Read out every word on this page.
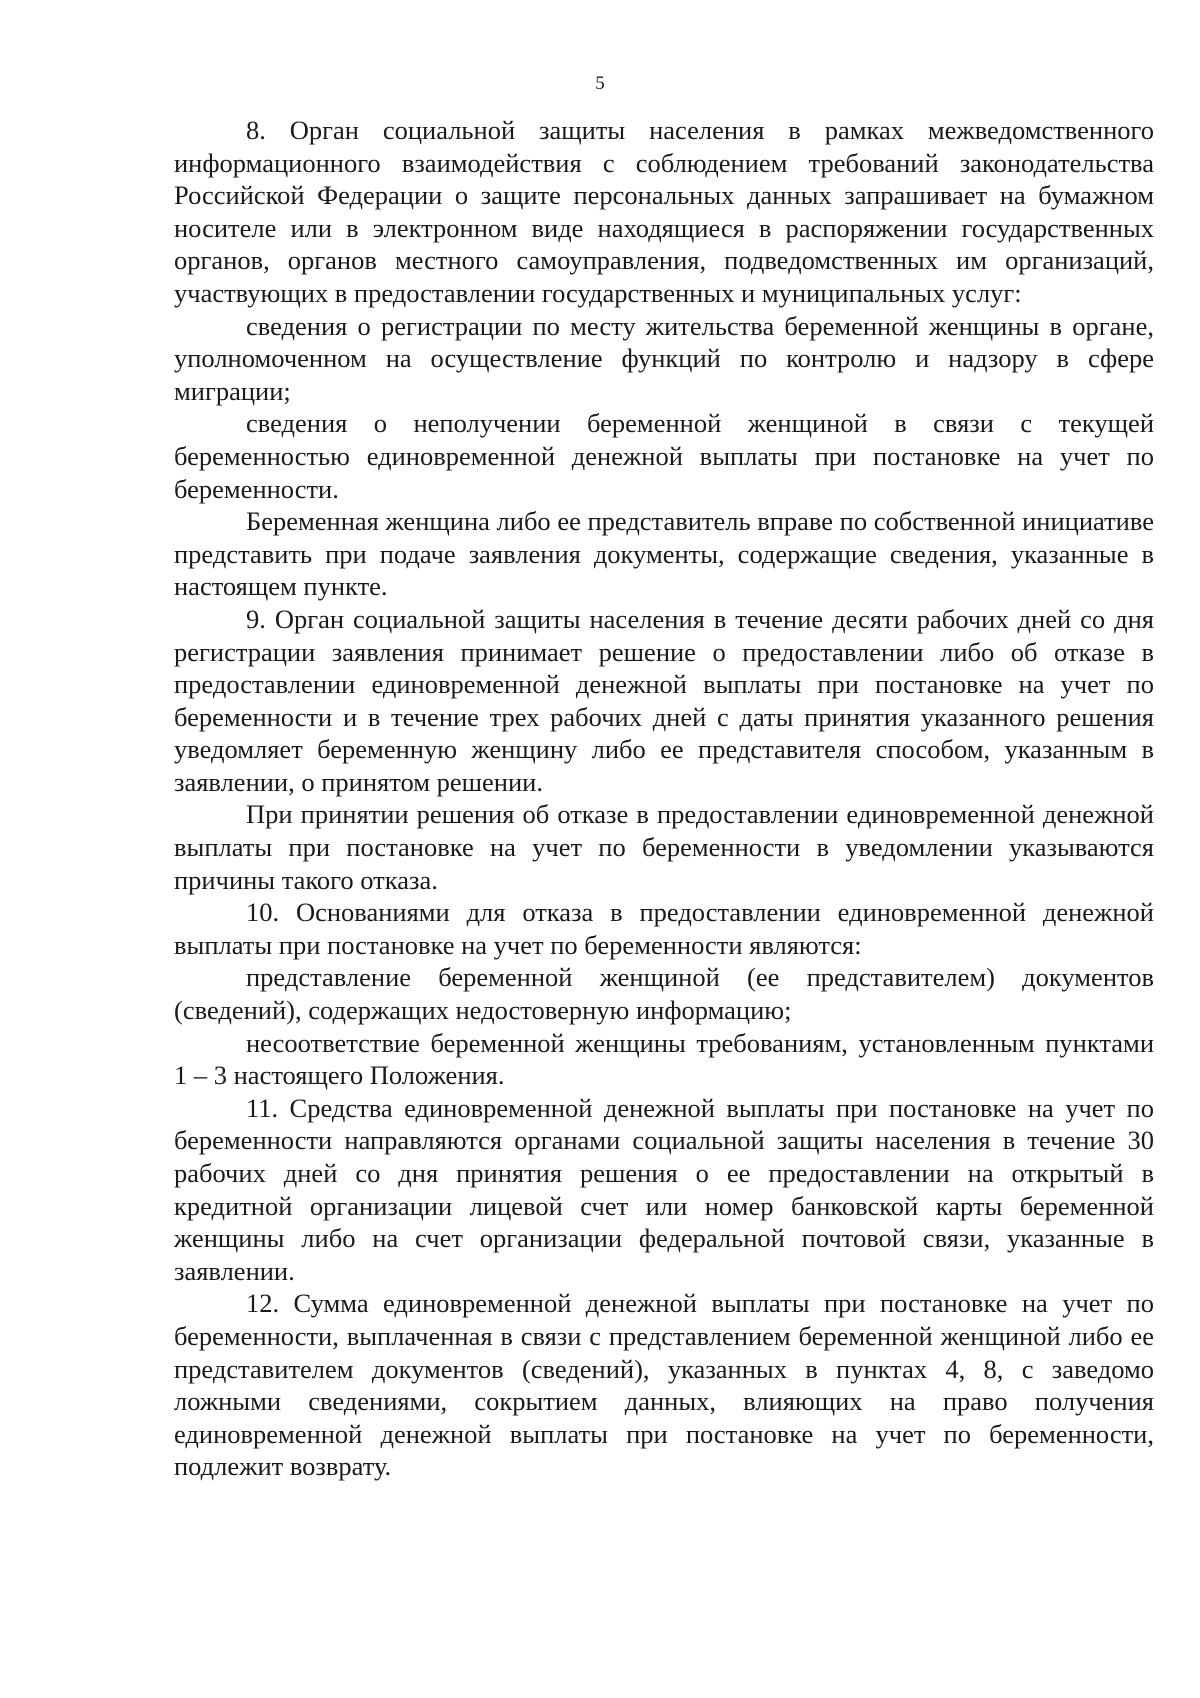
5

8. Орган социальной защиты населения в рамках межведомственного информационного взаимодействия с соблюдением требований законодательства Российской Федерации о защите персональных данных запрашивает на бумажном носителе или в электронном виде находящиеся в распоряжении государственных органов, органов местного самоуправления, подведомственных им организаций, участвующих в предоставлении государственных и муниципальных услуг:

сведения о регистрации по месту жительства беременной женщины в органе, уполномоченном на осуществление функций по контролю и надзору в сфере миграции;

сведения о неполучении беременной женщиной в связи с текущей беременностью единовременной денежной выплаты при постановке на учет по беременности.

Беременная женщина либо ее представитель вправе по собственной инициативе представить при подаче заявления документы, содержащие сведения, указанные в настоящем пункте.

9. Орган социальной защиты населения в течение десяти рабочих дней со дня регистрации заявления принимает решение о предоставлении либо об отказе в предоставлении единовременной денежной выплаты при постановке на учет по беременности и в течение трех рабочих дней с даты принятия указанного решения уведомляет беременную женщину либо ее представителя способом, указанным в заявлении, о принятом решении.

При принятии решения об отказе в предоставлении единовременной денежной выплаты при постановке на учет по беременности в уведомлении указываются причины такого отказа.

10. Основаниями для отказа в предоставлении единовременной денежной выплаты при постановке на учет по беременности являются:

представление беременной женщиной (ее представителем) документов (сведений), содержащих недостоверную информацию;

несоответствие беременной женщины требованиям, установленным пунктами 1 – 3 настоящего Положения.

11. Средства единовременной денежной выплаты при постановке на учет по беременности направляются органами социальной защиты населения в течение 30 рабочих дней со дня принятия решения о ее предоставлении на открытый в кредитной организации лицевой счет или номер банковской карты беременной женщины либо на счет организации федеральной почтовой связи, указанные в заявлении.

12. Сумма единовременной денежной выплаты при постановке на учет по беременности, выплаченная в связи с представлением беременной женщиной либо ее представителем документов (сведений), указанных в пунктах 4, 8, с заведомо ложными сведениями, сокрытием данных, влияющих на право получения единовременной денежной выплаты при постановке на учет по беременности, подлежит возврату.
